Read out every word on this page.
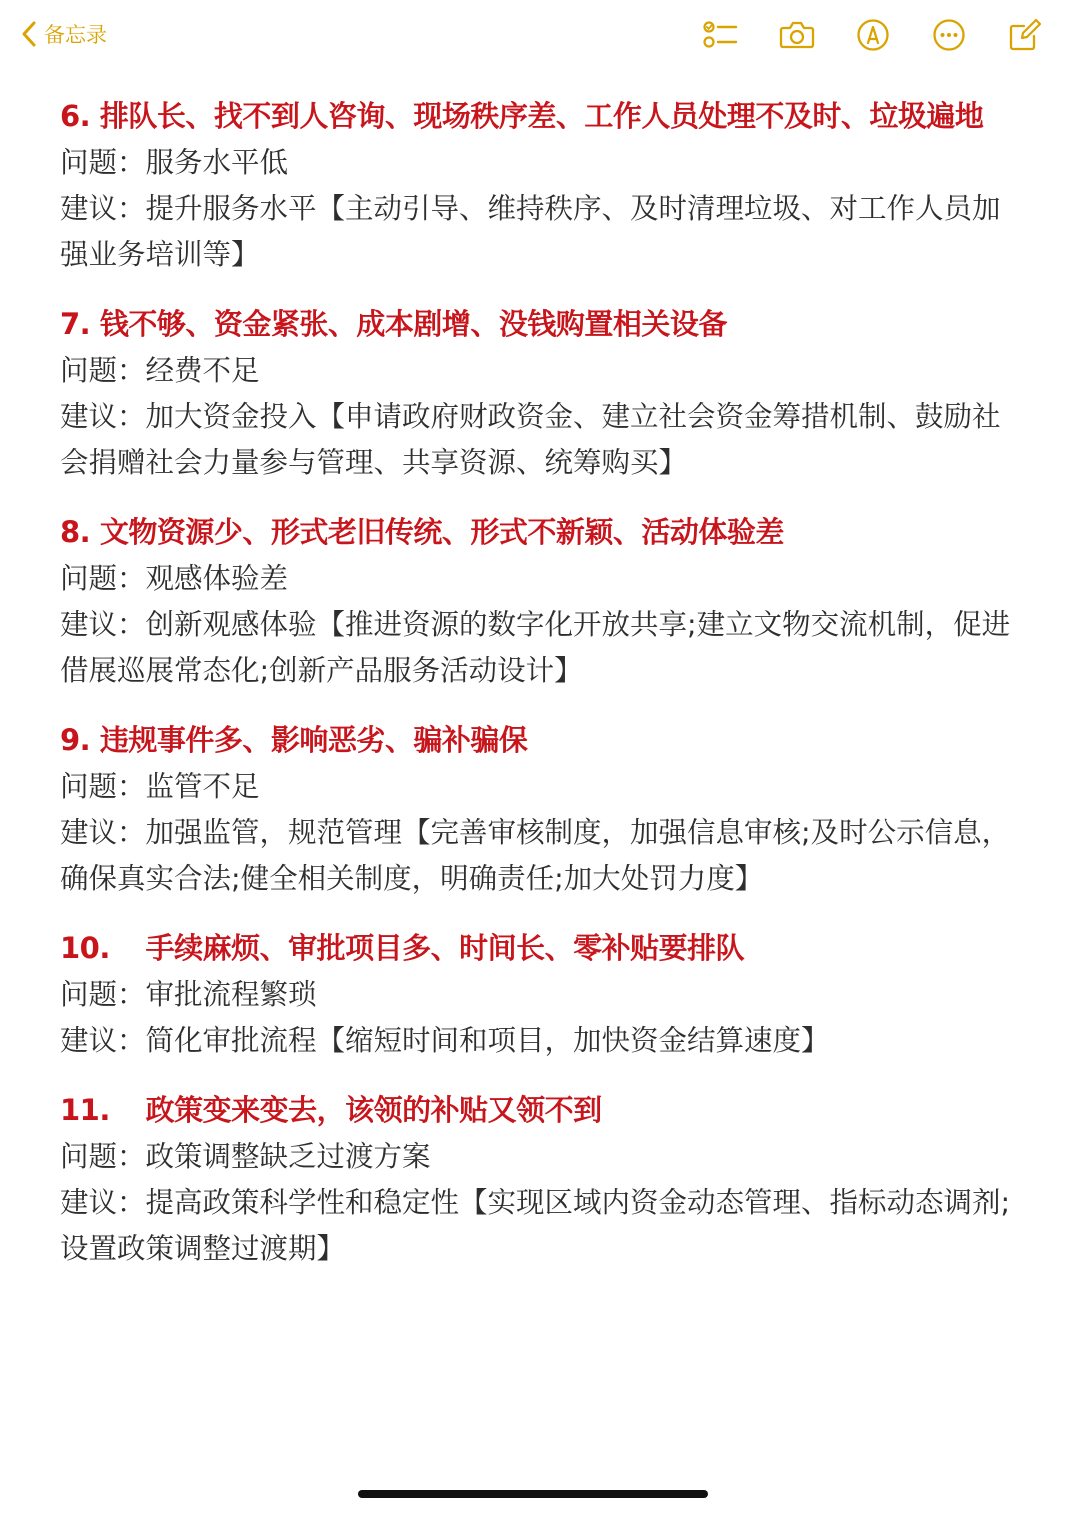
备忘录
6. 排队长、找不到人咨询、现场秩序差、工作人员处理不及时、垃圾遍地
问题：服务水平低
建议：提升服务水平【主动引导、维持秩序、及时清理垃圾、对工作人员加
强业务培训等】
7. 钱不够、资金紧张、成本剧增、没钱购置相关设备
问题：经费不足
建议：加大资金投入【申请政府财政资金、建立社会资金筹措机制、鼓励社
会捐赠社会力量参与管理、共享资源、统筹购买】
8. 文物资源少、形式老旧传统、形式不新颖、活动体验差
问题：观感体验差
建议：创新观感体验【推进资源的数字化开放共享;建立文物交流机制，促进
借展巡展常态化;创新产品服务活动设计】
9. 违规事件多、影响恶劣、骗补骗保
问题：监管不足
建议：加强监管，规范管理【完善审核制度，加强信息审核;及时公示信息，
确保真实合法;健全相关制度，明确责任;加大处罚力度】
10. 手续麻烦、审批项目多、时间长、零补贴要排队
问题：审批流程繁琐
建议：简化审批流程【缩短时间和项目，加快资金结算速度】
11. 政策变来变去，该领的补贴又领不到
问题：政策调整缺乏过渡方案
建议：提高政策科学性和稳定性【实现区域内资金动态管理、指标动态调剂;
设置政策调整过渡期】
